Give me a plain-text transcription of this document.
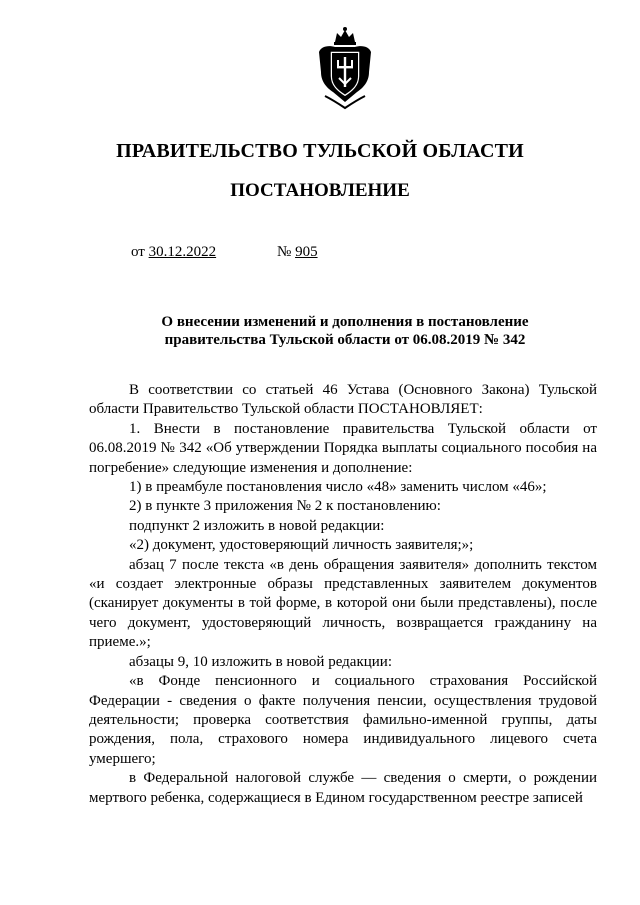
ПРАВИТЕЛЬСТВО ТУЛЬСКОЙ ОБЛАСТИ
ПОСТАНОВЛЕНИЕ
от 30.12.2022	№ 905
О внесении изменений и дополнения в постановление
правительства Тульской области от 06.08.2019 № 342

В соответствии со статьей 46 Устава (Основного Закона) Тульской области Правительство Тульской области ПОСТАНОВЛЯЕТ:

1. Внести в постановление правительства Тульской области от 06.08.2019 № 342 «Об утверждении Порядка выплаты социального пособия на погребение» следующие изменения и дополнение:

1) в преамбуле постановления число «48» заменить числом «46»;

2) в пункте 3 приложения № 2 к постановлению:

подпункт 2 изложить в новой редакции:

«2) документ, удостоверяющий личность заявителя;»;

абзац 7 после текста «в день обращения заявителя» дополнить текстом «и создает электронные образы представленных заявителем документов (сканирует документы в той форме, в которой они были представлены), после чего документ, удостоверяющий личность, возвращается гражданину на приеме.»;

абзацы 9, 10 изложить в новой редакции:

«в Фонде пенсионного и социального страхования Российской Федерации - сведения о факте получения пенсии, осуществления трудовой деятельности; проверка соответствия фамильно-именной группы, даты рождения, пола, страхового номера индивидуального лицевого счета умершего;

в Федеральной налоговой службе — сведения о смерти, о рождении мертвого ребенка, содержащиеся в Едином государственном реестре записей
